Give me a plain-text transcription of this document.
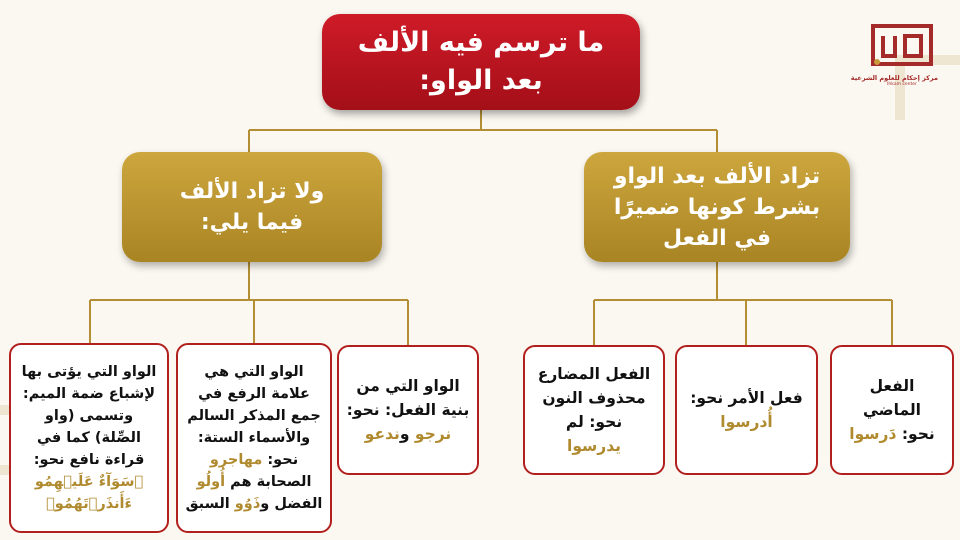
مركز إحكام للعلوم الشرعية
Ihkam center
ما ترسم فيه الألف
بعد الواو:
ولا تزاد الألف
فيما يلي:
تزاد الألف بعد الواو
بشرط كونها ضميرًا
في الفعل
الواو التي يؤتى بها
لإشباع ضمة الميم:
وتسمى (واو
الصِّلة) كما في
قراءة نافع نحو:
﴿سَوَآءٌ عَلَيۡهِمُو
ءَأَنذَرۡتَهُمُو﴾
الواو التي هي
علامة الرفع في
جمع المذكر السالم
والأسماء الستة:
نحو: مهاجرو
الصحابة هم أُولُو
الفضل وذَوُو السبق
الواو التي من
بنية الفعل: نحو:
نرجو وندعو
الفعل المضارع
محذوف النون
نحو: لم
يدرسوا
فعل الأمر نحو:
أُدرسوا
الفعل الماضي
نحو: دَرسوا
